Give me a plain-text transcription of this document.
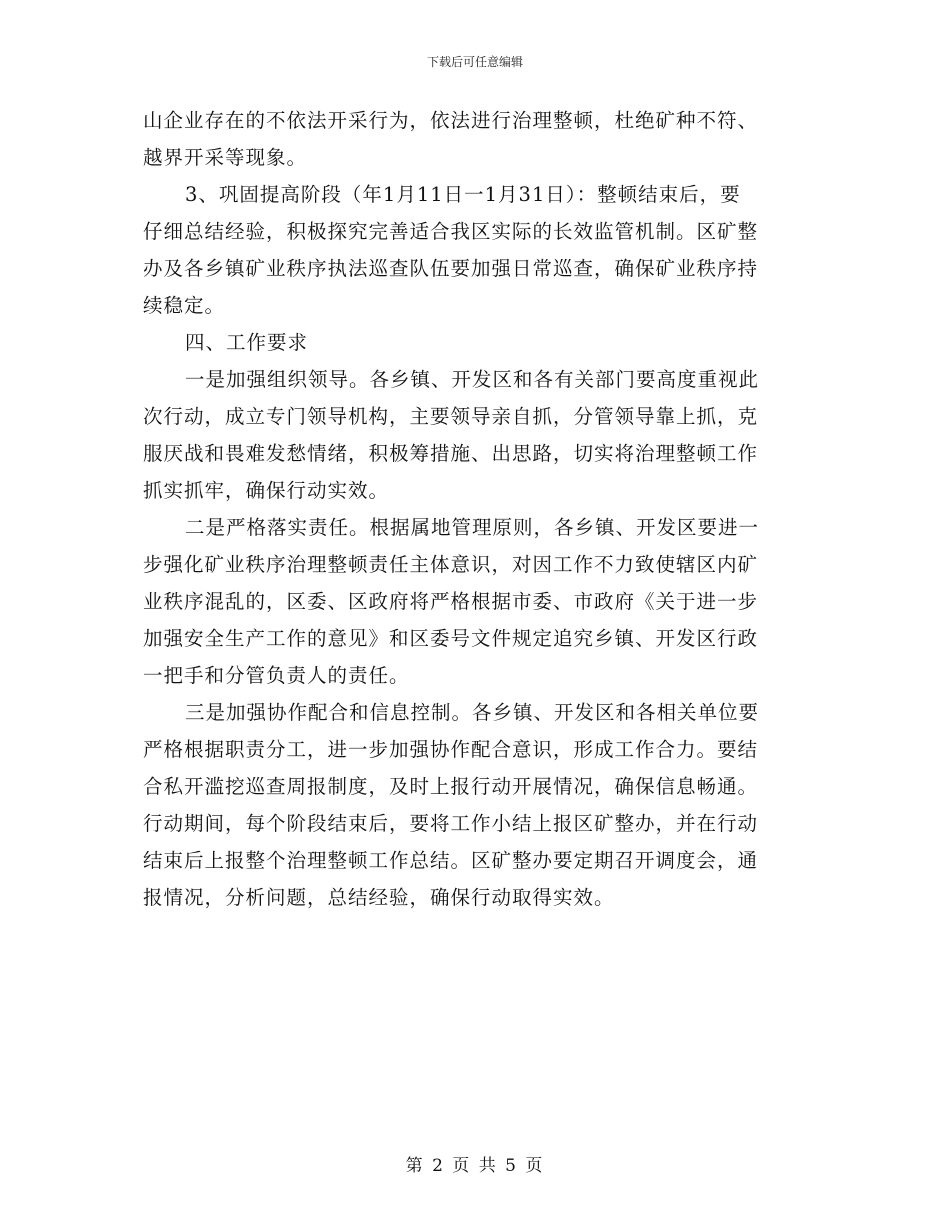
下载后可任意编辑
山企业存在的不依法开采行为，依法进行治理整顿，杜绝矿种不符、
越界开采等现象。
3、巩固提高阶段（年1月11日一1月31日）：整顿结束后，要
仔细总结经验，积极探究完善适合我区实际的长效监管机制。区矿整
办及各乡镇矿业秩序执法巡查队伍要加强日常巡查，确保矿业秩序持
续稳定。
四、工作要求
一是加强组织领导。各乡镇、开发区和各有关部门要高度重视此
次行动，成立专门领导机构，主要领导亲自抓，分管领导靠上抓，克
服厌战和畏难发愁情绪，积极筹措施、出思路，切实将治理整顿工作
抓实抓牢，确保行动实效。
二是严格落实责任。根据属地管理原则，各乡镇、开发区要进一
步强化矿业秩序治理整顿责任主体意识，对因工作不力致使辖区内矿
业秩序混乱的，区委、区政府将严格根据市委、市政府《关于进一步
加强安全生产工作的意见》和区委号文件规定追究乡镇、开发区行政
一把手和分管负责人的责任。
三是加强协作配合和信息控制。各乡镇、开发区和各相关单位要
严格根据职责分工，进一步加强协作配合意识，形成工作合力。要结
合私开滥挖巡查周报制度，及时上报行动开展情况，确保信息畅通。
行动期间，每个阶段结束后，要将工作小结上报区矿整办，并在行动
结束后上报整个治理整顿工作总结。区矿整办要定期召开调度会，通
报情况，分析问题，总结经验，确保行动取得实效。
第 2 页 共 5 页
